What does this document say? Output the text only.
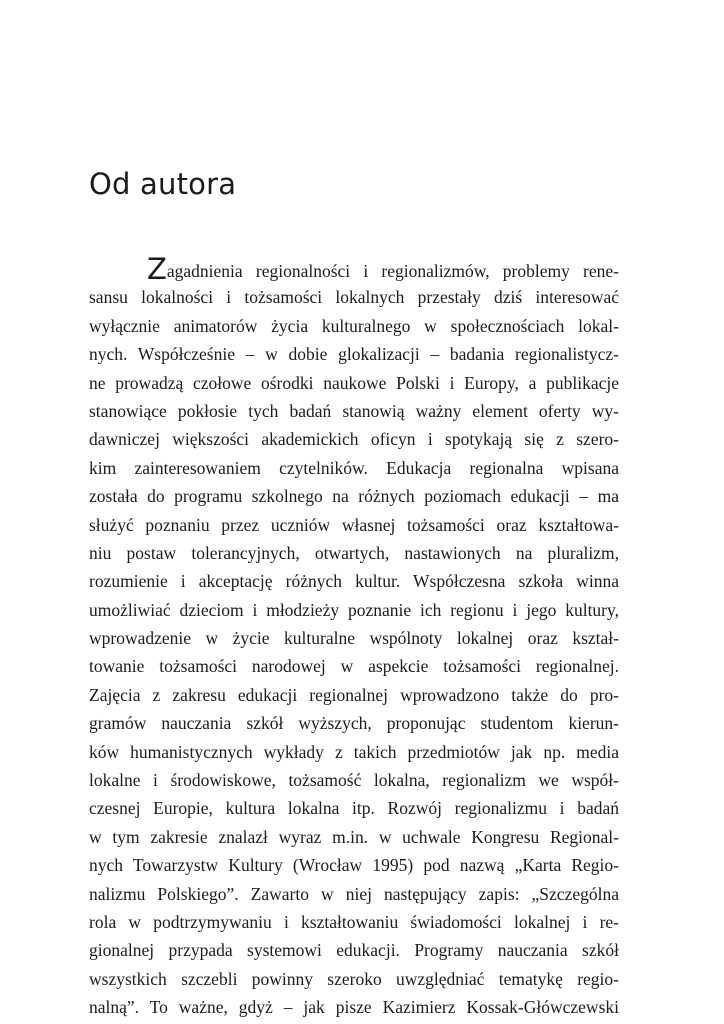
Od autora
Zagadnienia regionalności i regionalizmów, problemy rene-
sansu lokalności i tożsamości lokalnych przestały dziś interesować
wyłącznie animatorów życia kulturalnego w społecznościach lokal-
nych. Współcześnie – w dobie glokalizacji – badania regionalistycz-
ne prowadzą czołowe ośrodki naukowe Polski i Europy, a publikacje
stanowiące pokłosie tych badań stanowią ważny element oferty wy-
dawniczej większości akademickich oficyn i spotykają się z szero-
kim zainteresowaniem czytelników. Edukacja regionalna wpisana
została do programu szkolnego na różnych poziomach edukacji – ma
służyć poznaniu przez uczniów własnej tożsamości oraz kształtowa-
niu postaw tolerancyjnych, otwartych, nastawionych na pluralizm,
rozumienie i akceptację różnych kultur. Współczesna szkoła winna
umożliwiać dzieciom i młodzieży poznanie ich regionu i jego kultury,
wprowadzenie w życie kulturalne wspólnoty lokalnej oraz kształ-
towanie tożsamości narodowej w aspekcie tożsamości regionalnej.
Zajęcia z zakresu edukacji regionalnej wprowadzono także do pro-
gramów nauczania szkół wyższych, proponując studentom kierun-
ków humanistycznych wykłady z takich przedmiotów jak np. media
lokalne i środowiskowe, tożsamość lokalna, regionalizm we współ-
czesnej Europie, kultura lokalna itp. Rozwój regionalizmu i badań
w tym zakresie znalazł wyraz m.in. w uchwale Kongresu Regional-
nych Towarzystw Kultury (Wrocław 1995) pod nazwą „Karta Regio-
nalizmu Polskiego”. Zawarto w niej następujący zapis: „Szczególna
rola w podtrzymywaniu i kształtowaniu świadomości lokalnej i re-
gionalnej przypada systemowi edukacji. Programy nauczania szkół
wszystkich szczebli powinny szeroko uwzględniać tematykę regio-
nalną”. To ważne, gdyż – jak pisze Kazimierz Kossak-Główczewski
